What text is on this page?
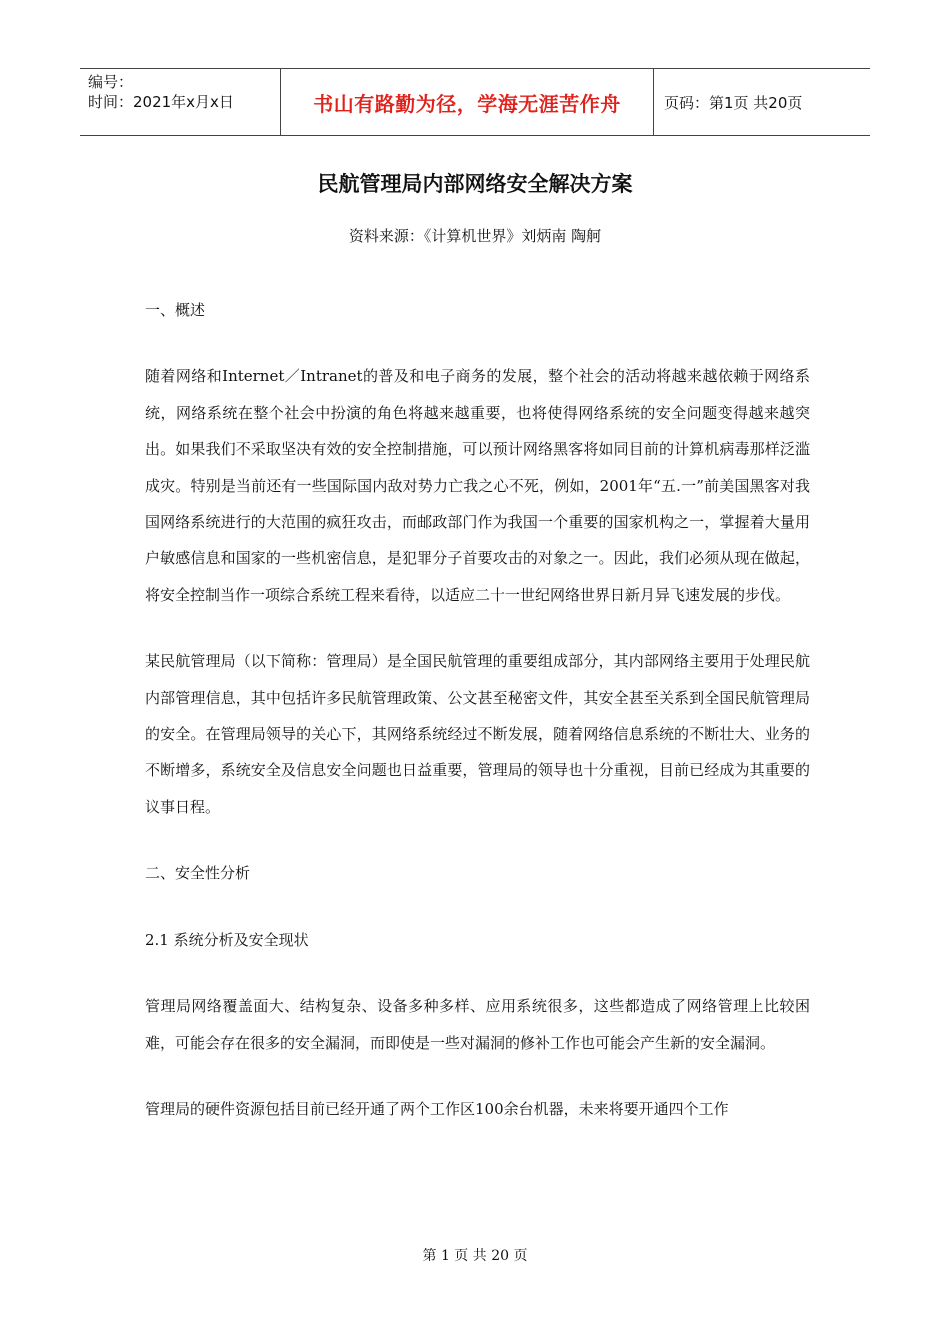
编号：
时间：2021年x月x日	书山有路勤为径，学海无涯苦作舟	页码：第1页 共20页
民航管理局内部网络安全解决方案
资料来源：《计算机世界》刘炳南 陶舸
一、概述

随着网络和Internet／Intranet的普及和电子商务的发展，整个社会的活动将越来越依赖于网络系统，网络系统在整个社会中扮演的角色将越来越重要，也将使得网络系统的安全问题变得越来越突出。如果我们不采取坚决有效的安全控制措施，可以预计网络黑客将如同目前的计算机病毒那样泛滥成灾。特别是当前还有一些国际国内敌对势力亡我之心不死，例如，2001年“五.一”前美国黑客对我国网络系统进行的大范围的疯狂攻击，而邮政部门作为我国一个重要的国家机构之一，掌握着大量用户敏感信息和国家的一些机密信息，是犯罪分子首要攻击的对象之一。因此，我们必须从现在做起，将安全控制当作一项综合系统工程来看待，以适应二十一世纪网络世界日新月异飞速发展的步伐。

某民航管理局（以下简称：管理局）是全国民航管理的重要组成部分，其内部网络主要用于处理民航内部管理信息，其中包括许多民航管理政策、公文甚至秘密文件，其安全甚至关系到全国民航管理局的安全。在管理局领导的关心下，其网络系统经过不断发展，随着网络信息系统的不断壮大、业务的不断增多，系统安全及信息安全问题也日益重要，管理局的领导也十分重视，目前已经成为其重要的议事日程。

二、安全性分析
2.1 系统分析及安全现状

管理局网络覆盖面大、结构复杂、设备多种多样、应用系统很多，这些都造成了网络管理上比较困难，可能会存在很多的安全漏洞，而即使是一些对漏洞的修补工作也可能会产生新的安全漏洞。

管理局的硬件资源包括目前已经开通了两个工作区100余台机器，未来将要开通四个工作

第 1 页 共 20 页
